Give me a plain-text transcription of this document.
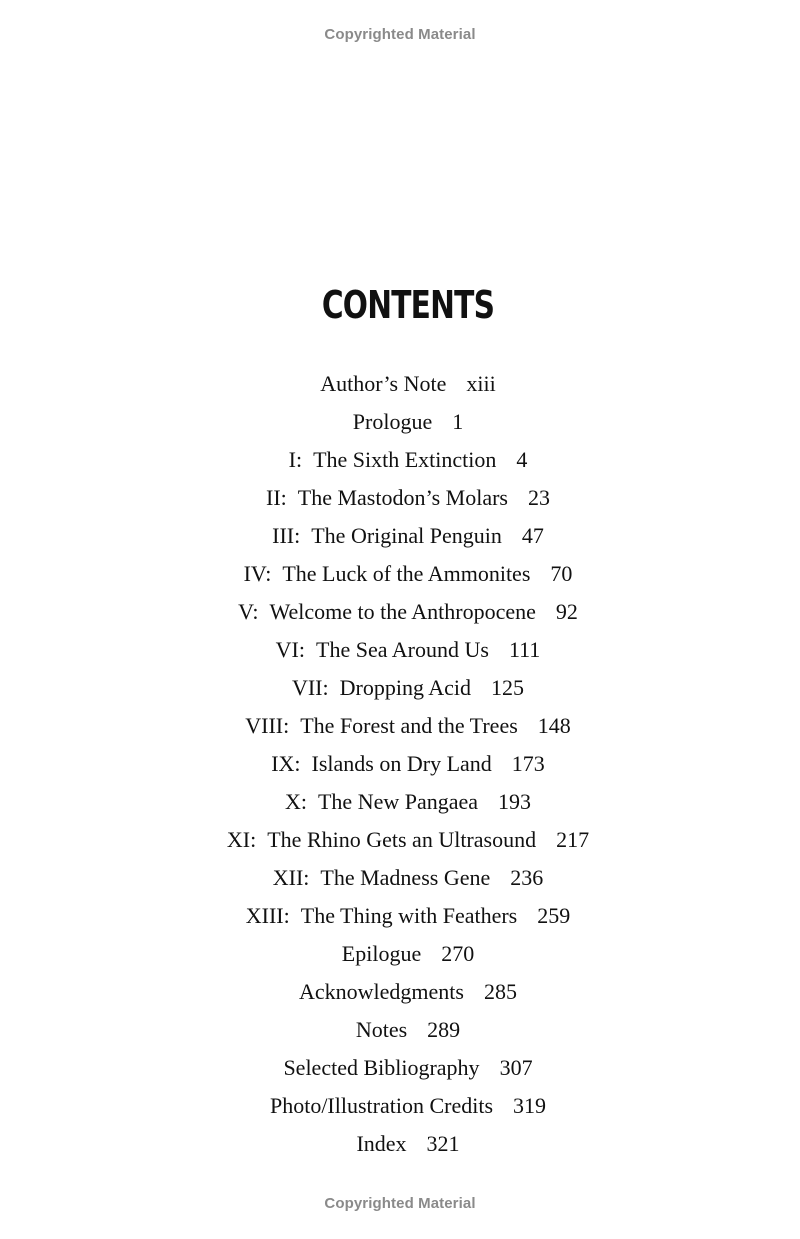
Copyrighted Material
CONTENTS
Author’s Note xiii
Prologue 1
I : The Sixth Extinction 4
II : The Mastodon’s Molars 23
III : The Original Penguin 47
IV : The Luck of the Ammonites 70
V : Welcome to the Anthropocene 92
VI : The Sea Around Us 111
VII : Dropping Acid 125
VIII : The Forest and the Trees 148
IX : Islands on Dry Land 173
X : The New Pangaea 193
XI : The Rhino Gets an Ultrasound 217
XII : The Madness Gene 236
XIII : The Thing with Feathers 259
Epilogue 270
Acknowledgments 285
Notes 289
Selected Bibliography 307
Photo/Illustration Credits 319
Index 321
Copyrighted Material
